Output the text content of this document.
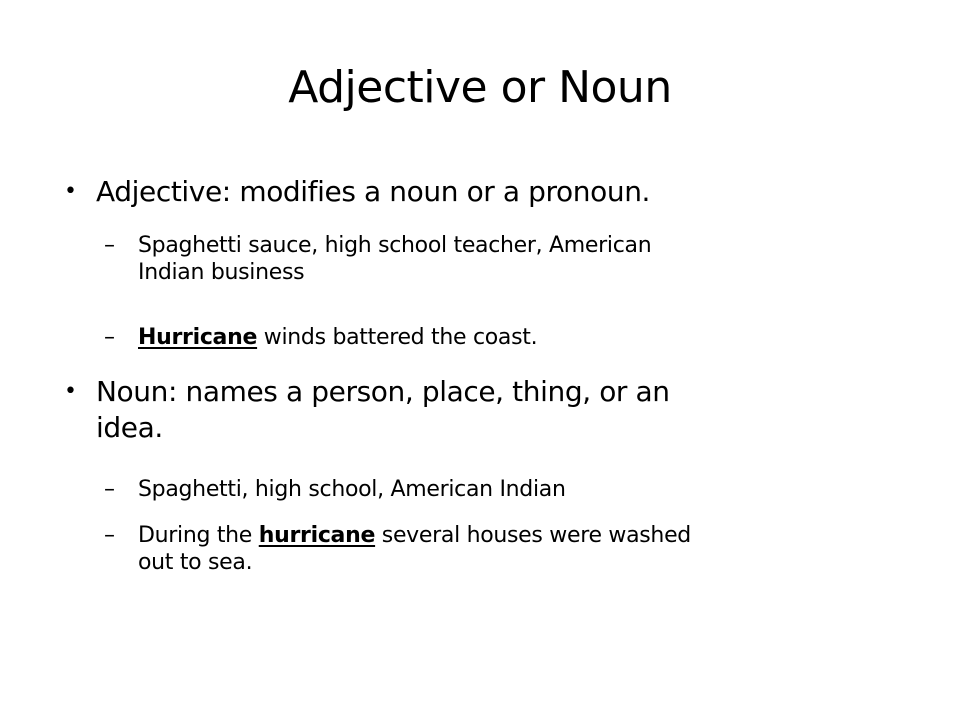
Adjective or Noun
• Adjective: modifies a noun or a pronoun.
– Spaghetti sauce, high school teacher, American
Indian business
– Hurricane winds battered the coast.
• Noun: names a person, place, thing, or an
idea.
– Spaghetti, high school, American Indian
– During the hurricane several houses were washed
out to sea.
